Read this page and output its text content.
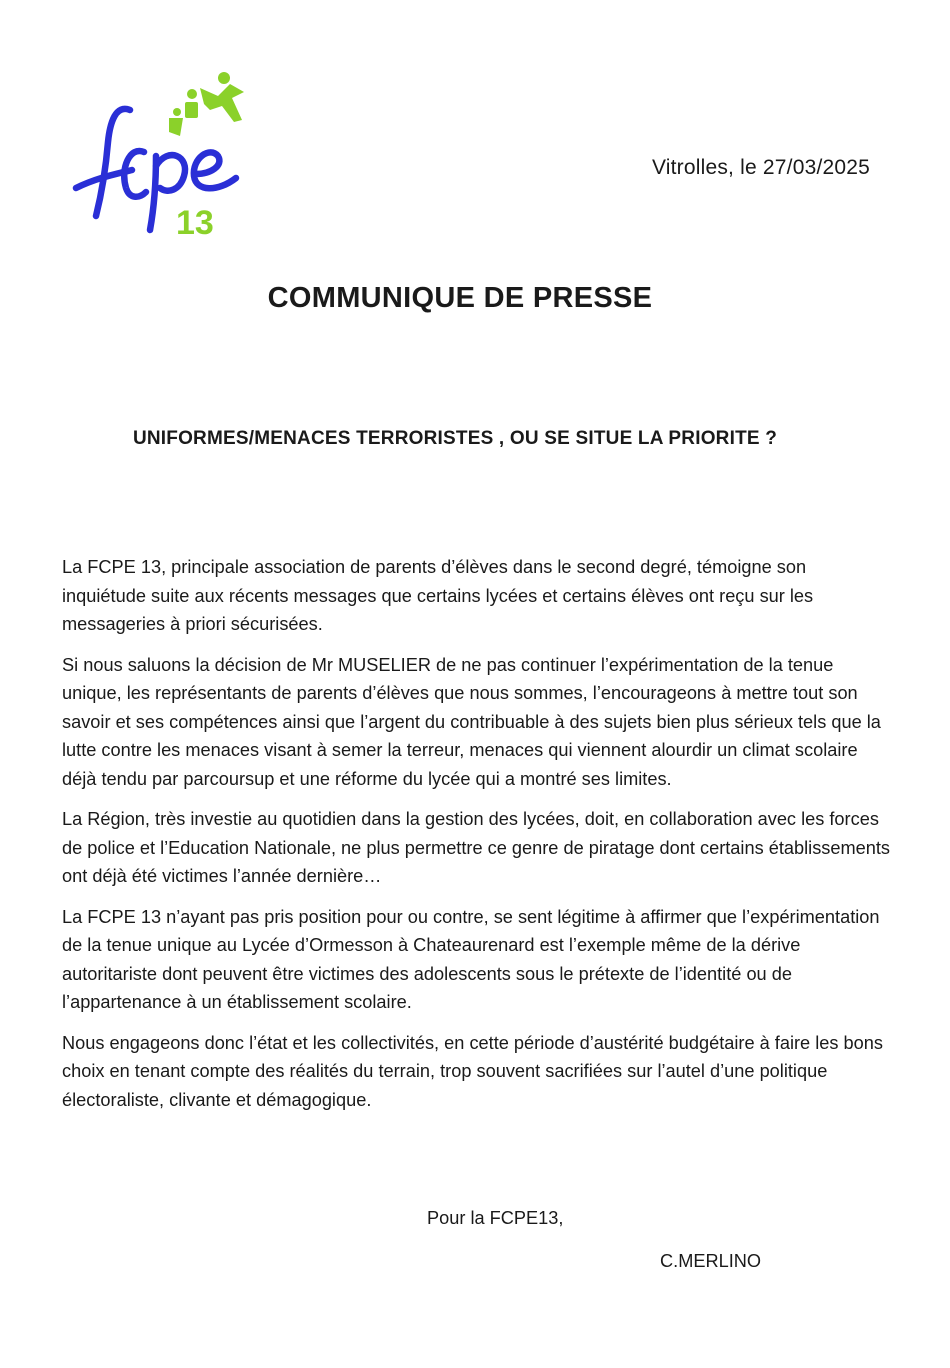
13
Vitrolles, le 27/03/2025
COMMUNIQUE DE PRESSE
UNIFORMES/MENACES TERRORISTES , OU SE SITUE LA PRIORITE ?

La FCPE 13, principale association de parents d’élèves dans le second degré, témoigne son inquiétude suite aux récents messages que certains lycées et certains élèves ont reçu sur les messageries à priori sécurisées.

Si nous saluons la décision de Mr MUSELIER de ne pas continuer l’expérimentation de la tenue unique, les représentants de parents d’élèves que nous sommes, l’encourageons à mettre tout son savoir et ses compétences ainsi que l’argent du contribuable à des sujets bien plus sérieux tels que la lutte contre les menaces visant à semer la terreur, menaces qui viennent alourdir un climat scolaire déjà tendu par parcoursup et une réforme du lycée qui a montré ses limites.

La Région, très investie au quotidien dans la gestion des lycées, doit, en collaboration avec les forces de police et l’Education Nationale, ne plus permettre ce genre de piratage dont certains établissements ont déjà été victimes l’année dernière…

La FCPE 13 n’ayant pas pris position pour ou contre, se sent légitime à affirmer que l’expérimentation de la tenue unique au Lycée d’Ormesson à Chateaurenard est l’exemple même de la dérive autoritariste dont peuvent être victimes des adolescents sous le prétexte de l’identité ou de l’appartenance à un établissement scolaire.

Nous engageons donc l’état et les collectivités, en cette période d’austérité budgétaire à faire les bons choix en tenant compte des réalités du terrain, trop souvent sacrifiées sur l’autel d’une politique électoraliste, clivante et démagogique.

Pour la FCPE13,
C.MERLINO
